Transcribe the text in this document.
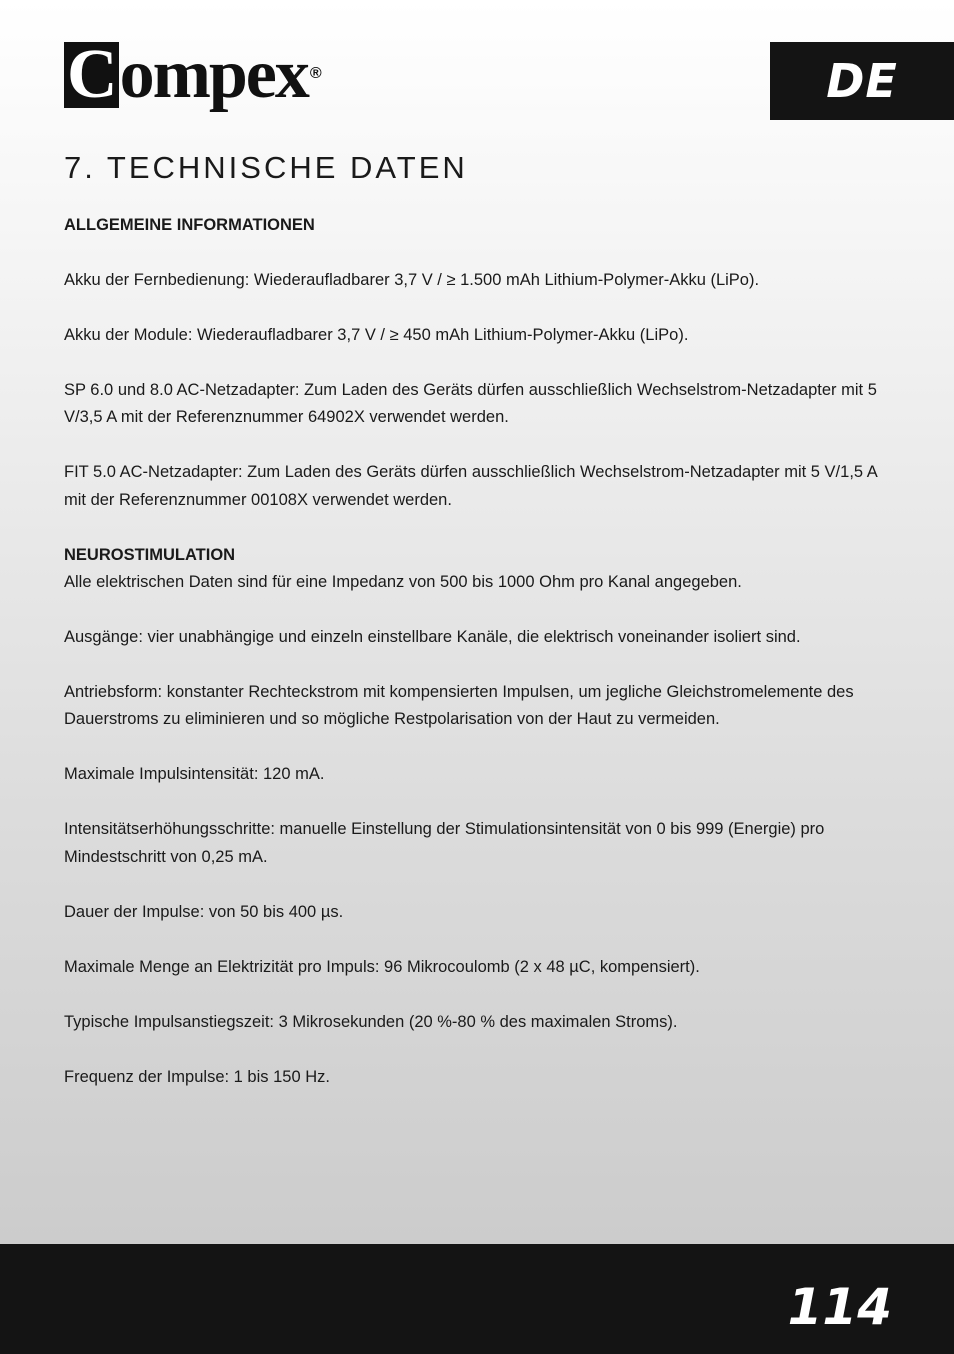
Compex ®	DE
7. TECHNISCHE DATEN
ALLGEMEINE INFORMATIONEN

Akku der Fernbedienung: Wiederaufladbarer 3,7 V / ≥ 1.500 mAh Lithium-Polymer-Akku (LiPo).

Akku der Module: Wiederaufladbarer 3,7 V / ≥ 450 mAh Lithium-Polymer-Akku (LiPo).

SP 6.0 und 8.0 AC-Netzadapter: Zum Laden des Geräts dürfen ausschließlich Wechselstrom-Netzadapter mit 5 V/3,5 A mit der Referenznummer 64902X verwendet werden.

FIT 5.0 AC-Netzadapter: Zum Laden des Geräts dürfen ausschließlich Wechselstrom-Netzadapter mit 5 V/1,5 A mit der Referenznummer 00108X verwendet werden.

NEUROSTIMULATION

Alle elektrischen Daten sind für eine Impedanz von 500 bis 1000 Ohm pro Kanal angegeben.

Ausgänge: vier unabhängige und einzeln einstellbare Kanäle, die elektrisch voneinander isoliert sind.

Antriebsform: konstanter Rechteckstrom mit kompensierten Impulsen, um jegliche Gleichstromelemente des Dauerstroms zu eliminieren und so mögliche Restpolarisation von der Haut zu vermeiden.

Maximale Impulsintensität: 120 mA.

Intensitätserhöhungsschritte: manuelle Einstellung der Stimulationsintensität von 0 bis 999 (Energie) pro Mindestschritt von 0,25 mA.

Dauer der Impulse: von 50 bis 400 µs.

Maximale Menge an Elektrizität pro Impuls: 96 Mikrocoulomb (2 x 48 µC, kompensiert).

Typische Impulsanstiegszeit: 3 Mikrosekunden (20 %-80 % des maximalen Stroms).

Frequenz der Impulse: 1 bis 150 Hz.

114
